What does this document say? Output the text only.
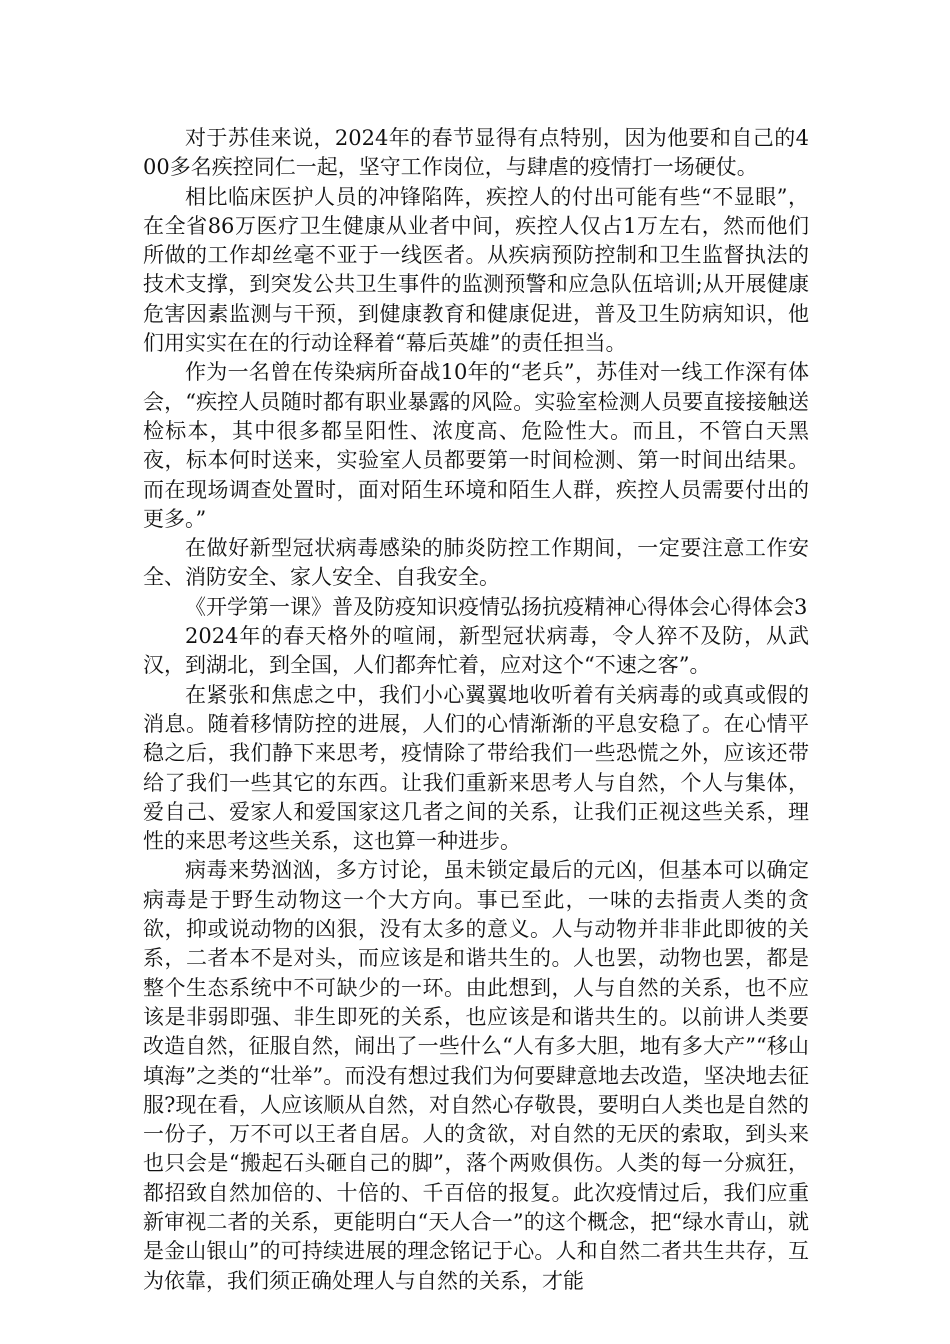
对于苏佳来说，2024年的春节显得有点特别，因为他要和自己的400多名疾控同仁一起，坚守工作岗位，与肆虐的疫情打一场硬仗。

相比临床医护人员的冲锋陷阵，疾控人的付出可能有些“不显眼”，在全省86万医疗卫生健康从业者中间，疾控人仅占1万左右，然而他们所做的工作却丝毫不亚于一线医者。从疾病预防控制和卫生监督执法的技术支撑，到突发公共卫生事件的监测预警和应急队伍培训;从开展健康危害因素监测与干预，到健康教育和健康促进，普及卫生防病知识，他们用实实在在的行动诠释着“幕后英雄”的责任担当。

作为一名曾在传染病所奋战10年的“老兵”，苏佳对一线工作深有体会，“疾控人员随时都有职业暴露的风险。实验室检测人员要直接接触送检标本，其中很多都呈阳性、浓度高、危险性大。而且，不管白天黑夜，标本何时送来，实验室人员都要第一时间检测、第一时间出结果。而在现场调查处置时，面对陌生环境和陌生人群，疾控人员需要付出的更多。”

在做好新型冠状病毒感染的肺炎防控工作期间，一定要注意工作安全、消防安全、家人安全、自我安全。

《开学第一课》普及防疫知识疫情弘扬抗疫精神心得体会心得体会3

2024年的春天格外的喧闹，新型冠状病毒，令人猝不及防，从武汉，到湖北，到全国，人们都奔忙着，应对这个“不速之客”。

在紧张和焦虑之中，我们小心翼翼地收听着有关病毒的或真或假的消息。随着移情防控的进展，人们的心情渐渐的平息安稳了。在心情平稳之后，我们静下来思考，疫情除了带给我们一些恐慌之外，应该还带给了我们一些其它的东西。让我们重新来思考人与自然，个人与集体，爱自己、爱家人和爱国家这几者之间的关系，让我们正视这些关系，理性的来思考这些关系，这也算一种进步。

病毒来势汹汹，多方讨论，虽未锁定最后的元凶，但基本可以确定病毒是于野生动物这一个大方向。事已至此，一味的去指责人类的贪欲，抑或说动物的凶狠，没有太多的意义。人与动物并非非此即彼的关系，二者本不是对头，而应该是和谐共生的。人也罢，动物也罢，都是整个生态系统中不可缺少的一环。由此想到，人与自然的关系，也不应该是非弱即强、非生即死的关系，也应该是和谐共生的。以前讲人类要改造自然，征服自然，闹出了一些什么“人有多大胆，地有多大产”“移山填海”之类的“壮举”。而没有想过我们为何要肆意地去改造，坚决地去征服?现在看，人应该顺从自然，对自然心存敬畏，要明白人类也是自然的一份子，万不可以王者自居。人的贪欲，对自然的无厌的索取，到头来也只会是“搬起石头砸自己的脚”，落个两败俱伤。人类的每一分疯狂，都招致自然加倍的、十倍的、千百倍的报复。此次疫情过后，我们应重新审视二者的关系，更能明白“天人合一”的这个概念，把“绿水青山，就是金山银山”的可持续进展的理念铭记于心。人和自然二者共生共存，互为依靠，我们须正确处理人与自然的关系，才能
